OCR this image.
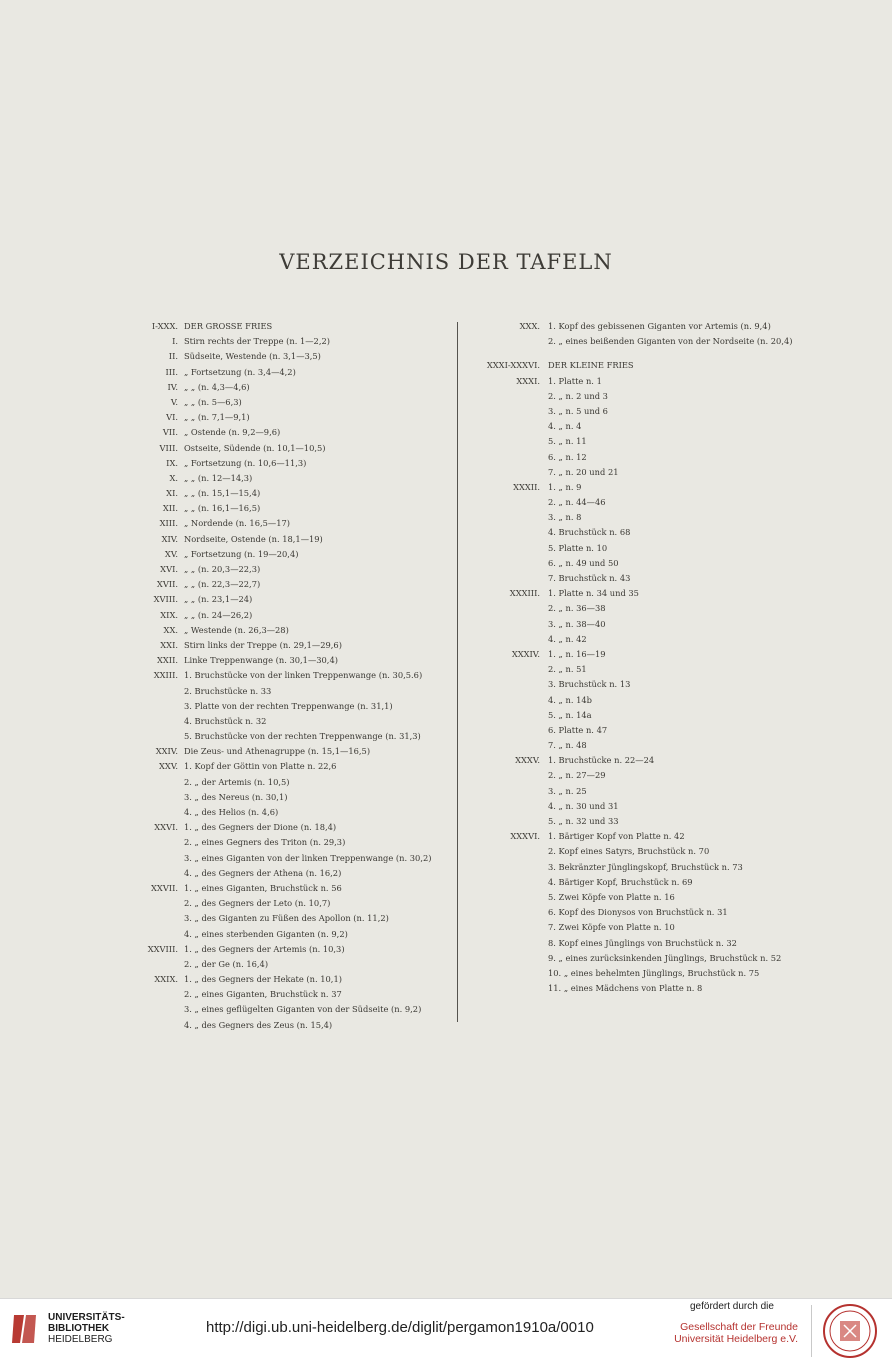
VERZEICHNIS DER TAFELN
I-XXX. DER GROSSE FRIES
I. Stirn rechts der Treppe (n. 1—2,2)
II. Südseite, Westende (n. 3,1—3,5)
III. „ Fortsetzung (n. 3,4—4,2)
IV. „ „ (n. 4,3—4,6)
V. „ „ (n. 5—6,3)
VI. „ „ (n. 7,1—9,1)
VII. „ Ostende (n. 9,2—9,6)
VIII. Ostseite, Südende (n. 10,1—10,5)
IX. „ Fortsetzung (n. 10,6—11,3)
X. „ „ (n. 12—14,3)
XI. „ „ (n. 15,1—15,4)
XII. „ „ (n. 16,1—16,5)
XIII. „ Nordende (n. 16,5—17)
XIV. Nordseite, Ostende (n. 18,1—19)
XV. „ Fortsetzung (n. 19—20,4)
XVI. „ „ (n. 20,3—22,3)
XVII. „ „ (n. 22,3—22,7)
XVIII. „ „ (n. 23,1—24)
XIX. „ „ (n. 24—26,2)
XX. „ Westende (n. 26,3—28)
XXI. Stirn links der Treppe (n. 29,1—29,6)
XXII. Linke Treppenwange (n. 30,1—30,4)
XXIII. 1. Bruchstücke von der linken Treppenwange (n. 30,5.6)
2. Bruchstücke n. 33
3. Platte von der rechten Treppenwange (n. 31,1)
4. Bruchstück n. 32
5. Bruchstücke von der rechten Treppenwange (n. 31,3)
XXIV. Die Zeus- und Athenagruppe (n. 15,1—16,5)
XXV. 1. Kopf der Göttin von Platte n. 22,6
2. „ der Artemis (n. 10,5)
3. „ des Nereus (n. 30,1)
4. „ des Helios (n. 4,6)
XXVI. 1. „ des Gegners der Dione (n. 18,4)
2. „ eines Gegners des Triton (n. 29,3)
3. „ eines Giganten von der linken Treppenwange (n. 30,2)
4. „ des Gegners der Athena (n. 16,2)
XXVII. 1. „ eines Giganten, Bruchstück n. 56
2. „ des Gegners der Leto (n. 10,7)
3. „ des Giganten zu Füßen des Apollon (n. 11,2)
4. „ eines sterbenden Giganten (n. 9,2)
XXVIII. 1. „ des Gegners der Artemis (n. 10,3)
2. „ der Ge (n. 16,4)
XXIX. 1. „ des Gegners der Hekate (n. 10,1)
2. „ eines Giganten, Bruchstück n. 37
3. „ eines geflügelten Giganten von der Südseite (n. 9,2)
4. „ des Gegners des Zeus (n. 15,4)
XXX. 1. Kopf des gebissenen Giganten vor Artemis (n. 9,4)
2. „ eines beißenden Giganten von der Nordseite (n. 20,4)
XXXI-XXXVI. DER KLEINE FRIES
XXXI. 1. Platte n. 1
2. „ n. 2 und 3
3. „ n. 5 und 6
4. „ n. 4
5. „ n. 11
6. „ n. 12
7. „ n. 20 und 21
XXXII. 1. „ n. 9
2. „ n. 44—46
3. „ n. 8
4. Bruchstück n. 68
5. Platte n. 10
6. „ n. 49 und 50
7. Bruchstück n. 43
XXXIII. 1. Platte n. 34 und 35
2. „ n. 36—38
3. „ n. 38—40
4. „ n. 42
XXXIV. 1. „ n. 16—19
2. „ n. 51
3. Bruchstück n. 13
4. „ n. 14b
5. „ n. 14a
6. Platte n. 47
7. „ n. 48
XXXV. 1. Bruchstücke n. 22—24
2. „ n. 27—29
3. „ n. 25
4. „ n. 30 und 31
5. „ n. 32 und 33
XXXVI. 1. Bärtiger Kopf von Platte n. 42
2. Kopf eines Satyrs, Bruchstück n. 70
3. Bekränzter Jünglingskopf, Bruchstück n. 73
4. Bärtiger Kopf, Bruchstück n. 69
5. Zwei Köpfe von Platte n. 16
6. Kopf des Dionysos von Bruchstück n. 31
7. Zwei Köpfe von Platte n. 10
8. Kopf eines Jünglings von Bruchstück n. 32
9. „ eines zurücksinkenden Jünglings, Bruchstück n. 52
10. „ eines behelmten Jünglings, Bruchstück n. 75
11. „ eines Mädchens von Platte n. 8
UNIVERSITÄTS-
BIBLIOTHEK
HEIDELBERG
http://digi.ub.uni-heidelberg.de/diglit/pergamon1910a/0010
gefördert durch die
Gesellschaft der Freunde
Universität Heidelberg e.V.
